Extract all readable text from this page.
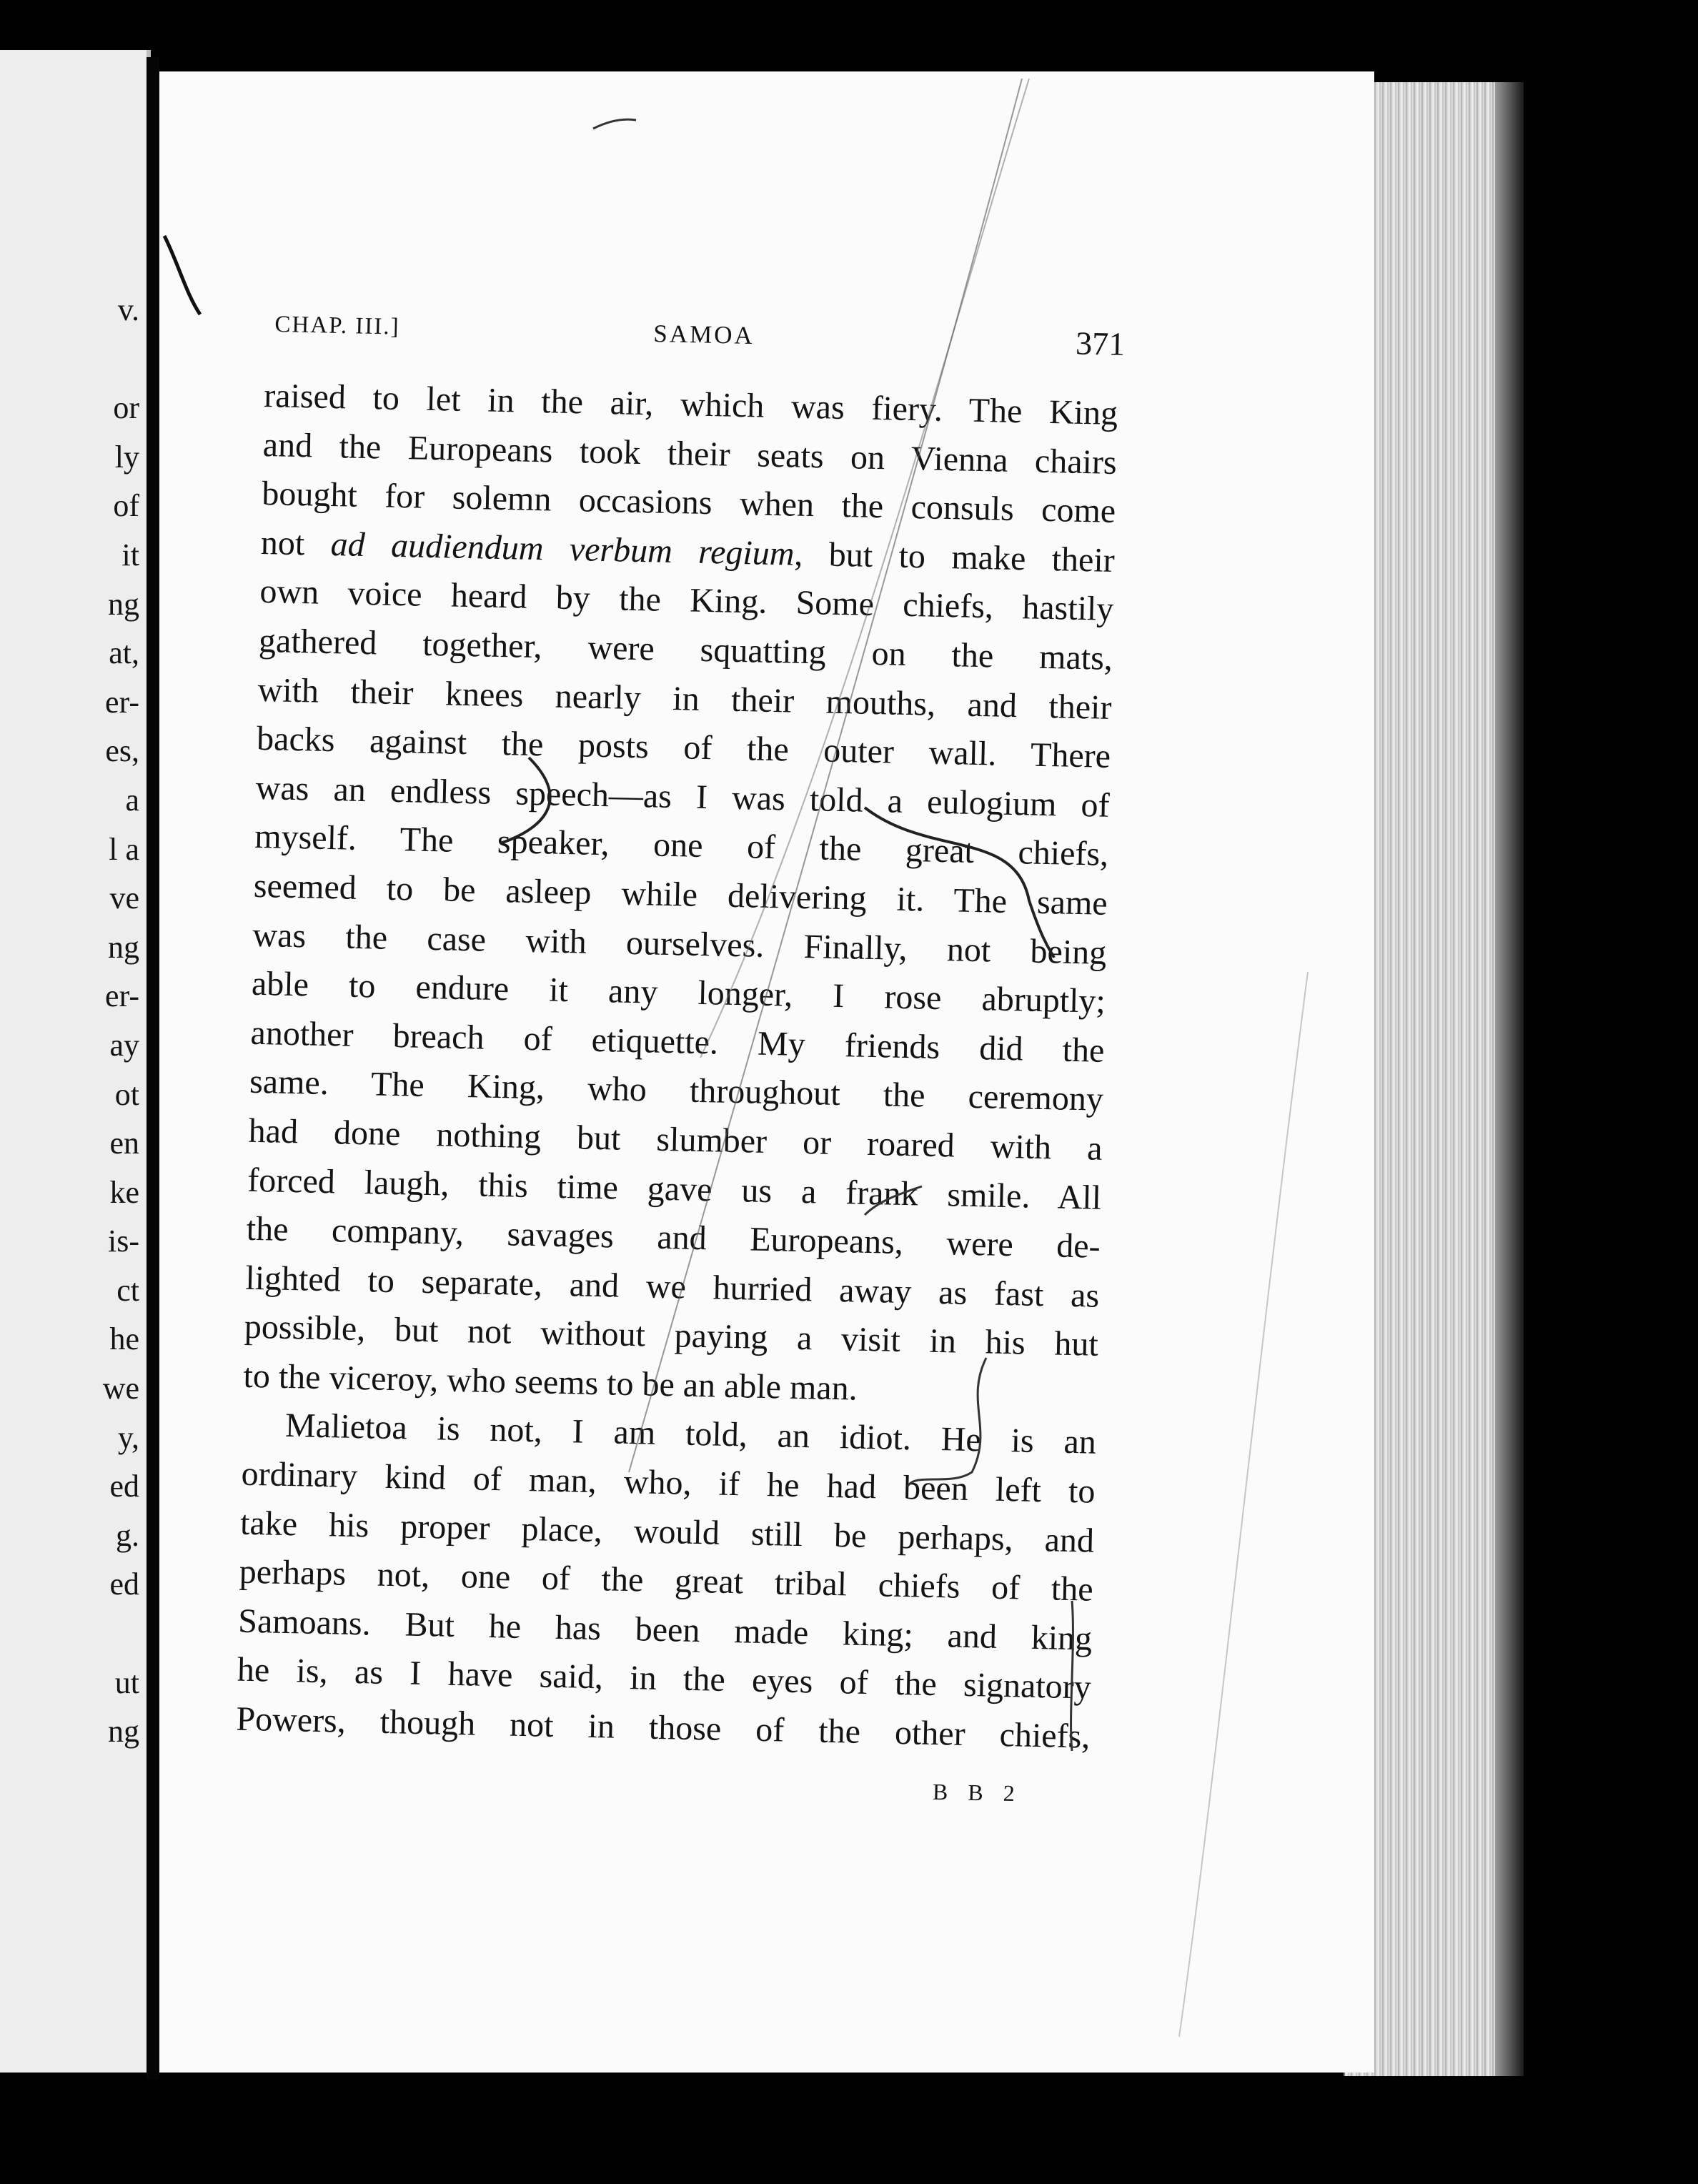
v.
or
ly
of
it
ng
at,
er-
es,
a
l a
ve
ng
er-
ay
ot
en
ke
is-
ct
he
we
y,
ed
g.
ed
ut
ng
CHAP. III.]	SAMOA	371
raised to let in the air, which was fiery. The King
and the Europeans took their seats on Vienna chairs
bought for solemn occasions when the consuls come
not ad audiendum verbum regium, but to make their
own voice heard by the King. Some chiefs, hastily
gathered together, were squatting on the mats,
with their knees nearly in their mouths, and their
backs against the posts of the outer wall. There
was an endless speech—as I was told a eulogium of
myself. The speaker, one of the great chiefs,
seemed to be asleep while delivering it. The same
was the case with ourselves. Finally, not being
able to endure it any longer, I rose abruptly;
another breach of etiquette. My friends did the
same. The King, who throughout the ceremony
had done nothing but slumber or roared with a
forced laugh, this time gave us a frank smile. All
the company, savages and Europeans, were de-
lighted to separate, and we hurried away as fast as
possible, but not without paying a visit in his hut
to the viceroy, who seems to be an able man.
Malietoa is not, I am told, an idiot. He is an
ordinary kind of man, who, if he had been left to
take his proper place, would still be perhaps, and
perhaps not, one of the great tribal chiefs of the
Samoans. But he has been made king; and king
he is, as I have said, in the eyes of the signatory
Powers, though not in those of the other chiefs,
B B 2
